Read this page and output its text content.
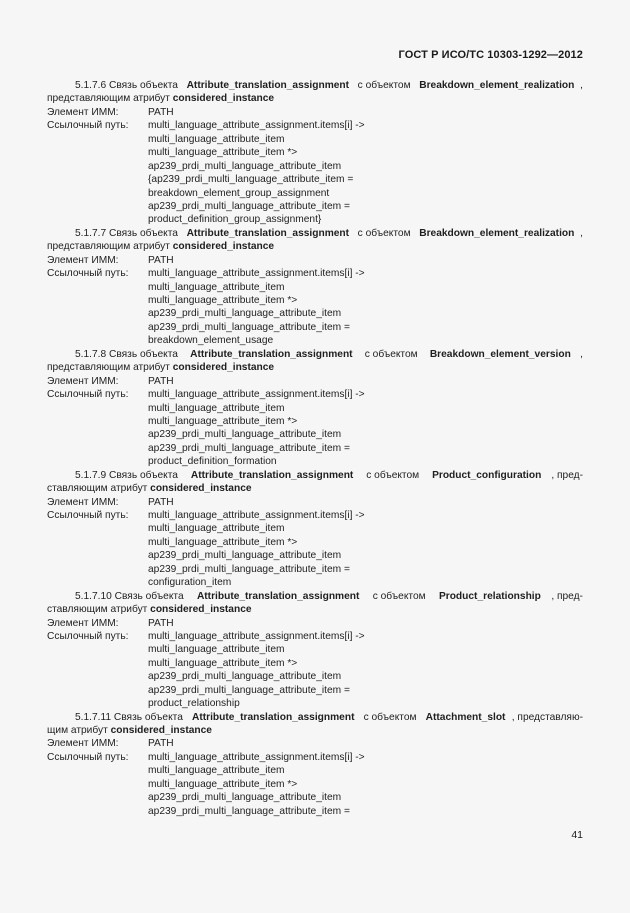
ГОСТ Р ИСО/ТС 10303-1292—2012
5.1.7.6 Связь объекта Attribute_translation_assignment с объектом Breakdown_element_realization ,
представляющим атрибут considered_instance
Элемент ИММ:	PATH
Ссылочный путь:	multi_language_attribute_assignment.items[i] ->
multi_language_attribute_item
multi_language_attribute_item *>
ap239_prdi_multi_language_attribute_item
{ap239_prdi_multi_language_attribute_item =
breakdown_element_group_assignment
ap239_prdi_multi_language_attribute_item =
product_definition_group_assignment}
5.1.7.7 Связь объекта Attribute_translation_assignment с объектом Breakdown_element_realization ,
представляющим атрибут considered_instance
Элемент ИММ:	PATH
Ссылочный путь:	multi_language_attribute_assignment.items[i] ->
multi_language_attribute_item
multi_language_attribute_item *>
ap239_prdi_multi_language_attribute_item
ap239_prdi_multi_language_attribute_item =
breakdown_element_usage
5.1.7.8 Связь объекта Attribute_translation_assignment с объектом Breakdown_element_version ,
представляющим атрибут considered_instance
Элемент ИММ:	PATH
Ссылочный путь:	multi_language_attribute_assignment.items[i] ->
multi_language_attribute_item
multi_language_attribute_item *>
ap239_prdi_multi_language_attribute_item
ap239_prdi_multi_language_attribute_item =
product_definition_formation
5.1.7.9 Связь объекта Attribute_translation_assignment с объектом Product_configuration , пред-
ставляющим атрибут considered_instance
Элемент ИММ:	PATH
Ссылочный путь:	multi_language_attribute_assignment.items[i] ->
multi_language_attribute_item
multi_language_attribute_item *>
ap239_prdi_multi_language_attribute_item
ap239_prdi_multi_language_attribute_item =
configuration_item
5.1.7.10 Связь объекта Attribute_translation_assignment с объектом Product_relationship , пред-
ставляющим атрибут considered_instance
Элемент ИММ:	PATH
Ссылочный путь:	multi_language_attribute_assignment.items[i] ->
multi_language_attribute_item
multi_language_attribute_item *>
ap239_prdi_multi_language_attribute_item
ap239_prdi_multi_language_attribute_item =
product_relationship
5.1.7.11 Связь объекта Attribute_translation_assignment с объектом Attachment_slot , представляю-
щим атрибут considered_instance
Элемент ИММ:	PATH
Ссылочный путь:	multi_language_attribute_assignment.items[i] ->
multi_language_attribute_item
multi_language_attribute_item *>
ap239_prdi_multi_language_attribute_item
ap239_prdi_multi_language_attribute_item =
41
